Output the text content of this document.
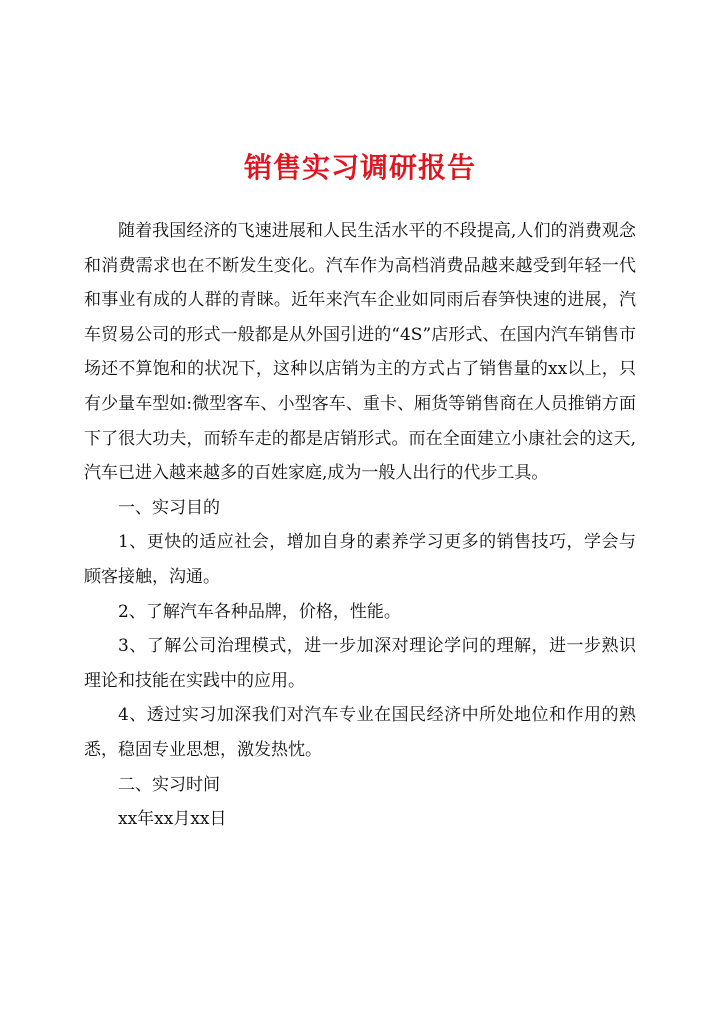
销售实习调研报告

随着我国经济的飞速进展和人民生活水平的不段提高,人们的消费观念和消费需求也在不断发生变化。汽车作为高档消费品越来越受到年轻一代和事业有成的人群的青睐。近年来汽车企业如同雨后春笋快速的进展，汽车贸易公司的形式一般都是从外国引进的“4S”店形式、在国内汽车销售市场还不算饱和的状况下，这种以店销为主的方式占了销售量的xx以上，只有少量车型如:微型客车、小型客车、重卡、厢货等销售商在人员推销方面下了很大功夫，而轿车走的都是店销形式。而在全面建立小康社会的这天,汽车已进入越来越多的百姓家庭,成为一般人出行的代步工具。

一、实习目的

1、更快的适应社会，增加自身的素养学习更多的销售技巧，学会与顾客接触，沟通。

2、了解汽车各种品牌，价格，性能。

3、了解公司治理模式，进一步加深对理论学问的理解，进一步熟识理论和技能在实践中的应用。

4、透过实习加深我们对汽车专业在国民经济中所处地位和作用的熟悉，稳固专业思想，激发热忱。

二、实习时间

xx年xx月xx日
